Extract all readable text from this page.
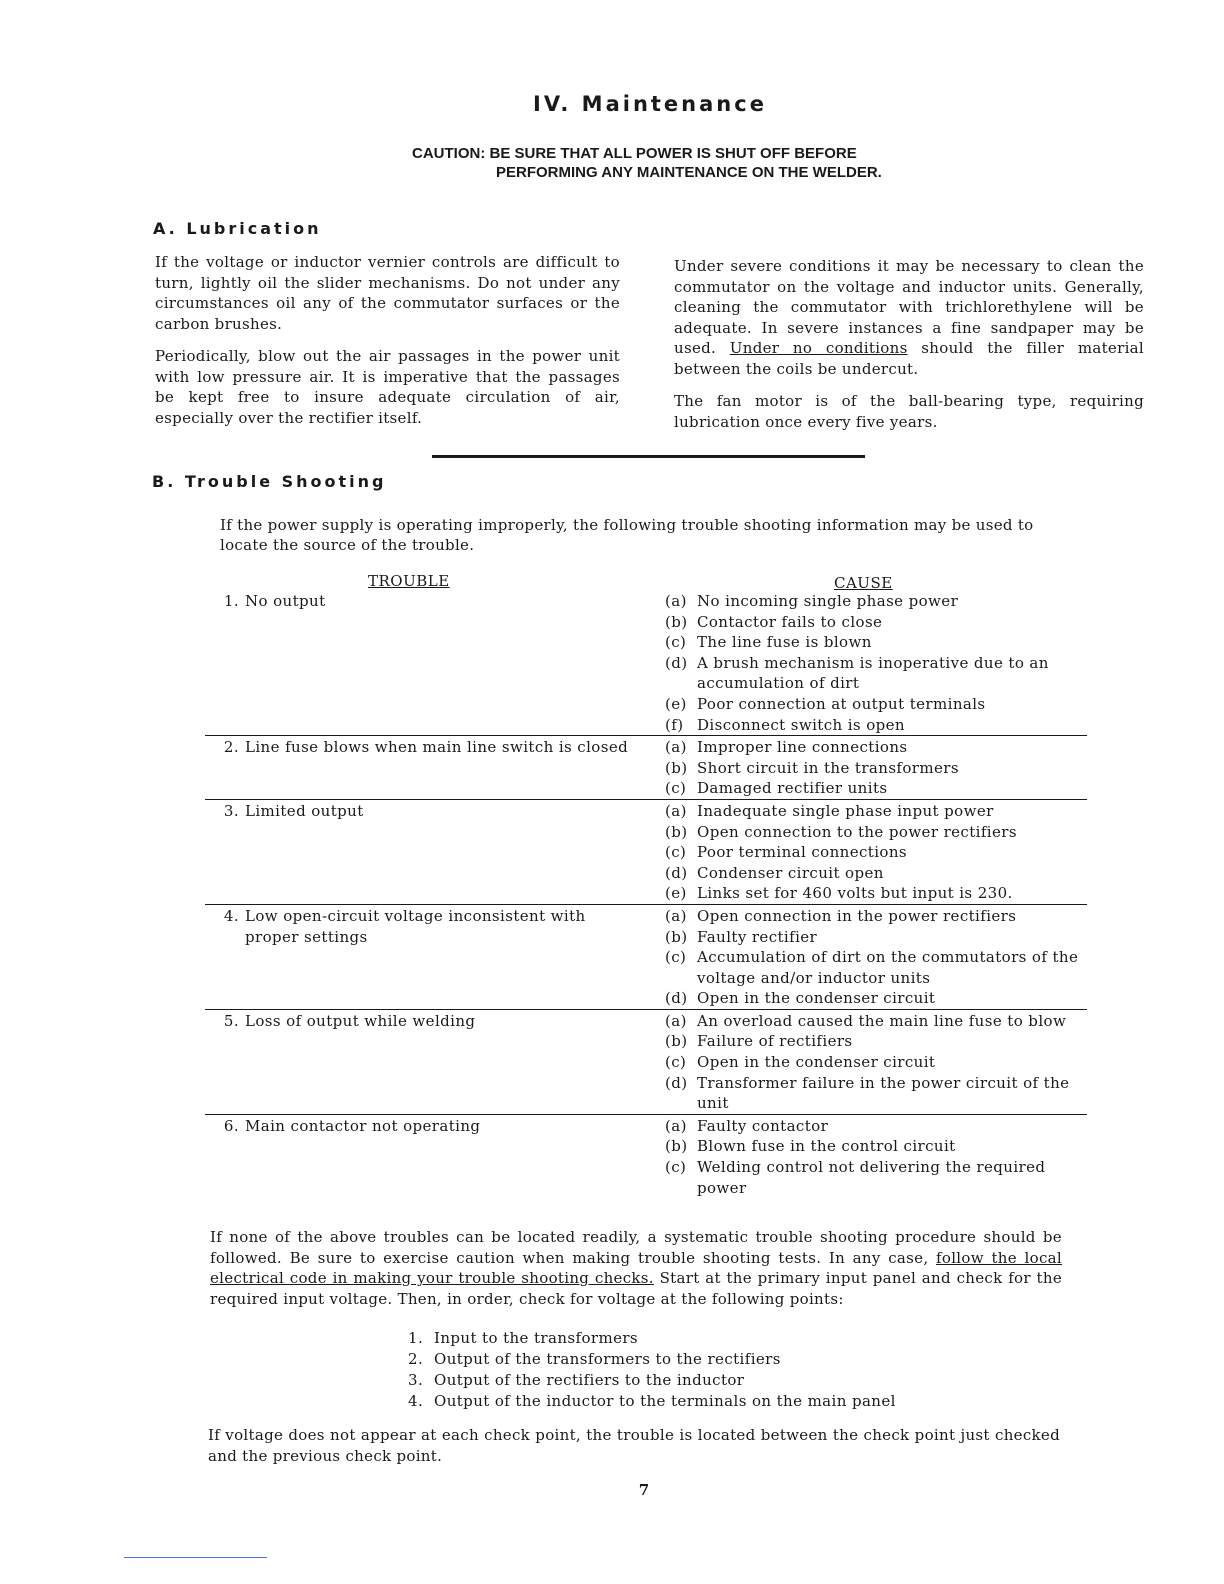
IV. Maintenance
CAUTION: BE SURE THAT ALL POWER IS SHUT OFF BEFORE
PERFORMING ANY MAINTENANCE ON THE WELDER.
A. Lubrication

If the voltage or inductor vernier controls are difficult to turn, lightly oil the slider mechanisms. Do not under any circumstances oil any of the commutator surfaces or the carbon brushes.

Periodically, blow out the air passages in the power unit with low pressure air. It is imperative that the passages be kept free to insure adequate circulation of air, especially over the rectifier itself.

Under severe conditions it may be necessary to clean the commutator on the voltage and inductor units. Generally, cleaning the commutator with trichlorethylene will be adequate. In severe instances a fine sandpaper may be used. Under no conditions should the filler material between the coils be undercut.

The fan motor is of the ball-bearing type, requiring lubrication once every five years.

B. Trouble Shooting
If the power supply is operating improperly, the following trouble shooting information may be used to locate the source of the trouble.
TROUBLE	CAUSE
1. No output	(a) No incoming single phase power
(b) Contactor fails to close
(c) The line fuse is blown
(d) A brush mechanism is inoperative due to an accumulation of dirt
(e) Poor connection at output terminals
(f) Disconnect switch is open
2. Line fuse blows when main line switch is closed (a) Improper line connections
(b) Short circuit in the transformers
(c) Damaged rectifier units
3. Limited output	(a) Inadequate single phase input power
(b) Open connection to the power rectifiers
(c) Poor terminal connections
(d) Condenser circuit open
(e) Links set for 460 volts but input is 230.
4. Low open-circuit voltage inconsistent with proper settings
(a) Open connection in the power rectifiers
(b) Faulty rectifier
(c) Accumulation of dirt on the commutators of the voltage and/or inductor units
(d) Open in the condenser circuit
5. Loss of output while welding	(a) An overload caused the main line fuse to blow
(b) Failure of rectifiers
(c) Open in the condenser circuit
(d) Transformer failure in the power circuit of the unit
6. Main contactor not operating	(a) Faulty contactor
(b) Blown fuse in the control circuit
(c) Welding control not delivering the required power
If none of the above troubles can be located readily, a systematic trouble shooting procedure should be followed. Be sure to exercise caution when making trouble shooting tests. In any case, follow the local electrical code in making your trouble shooting checks. Start at the primary input panel and check for the required input voltage. Then, in order, check for voltage at the following points:
1. Input to the transformers
2. Output of the transformers to the rectifiers
3. Output of the rectifiers to the inductor
4. Output of the inductor to the terminals on the main panel
If voltage does not appear at each check point, the trouble is located between the check point just checked and the previous check point.
7
